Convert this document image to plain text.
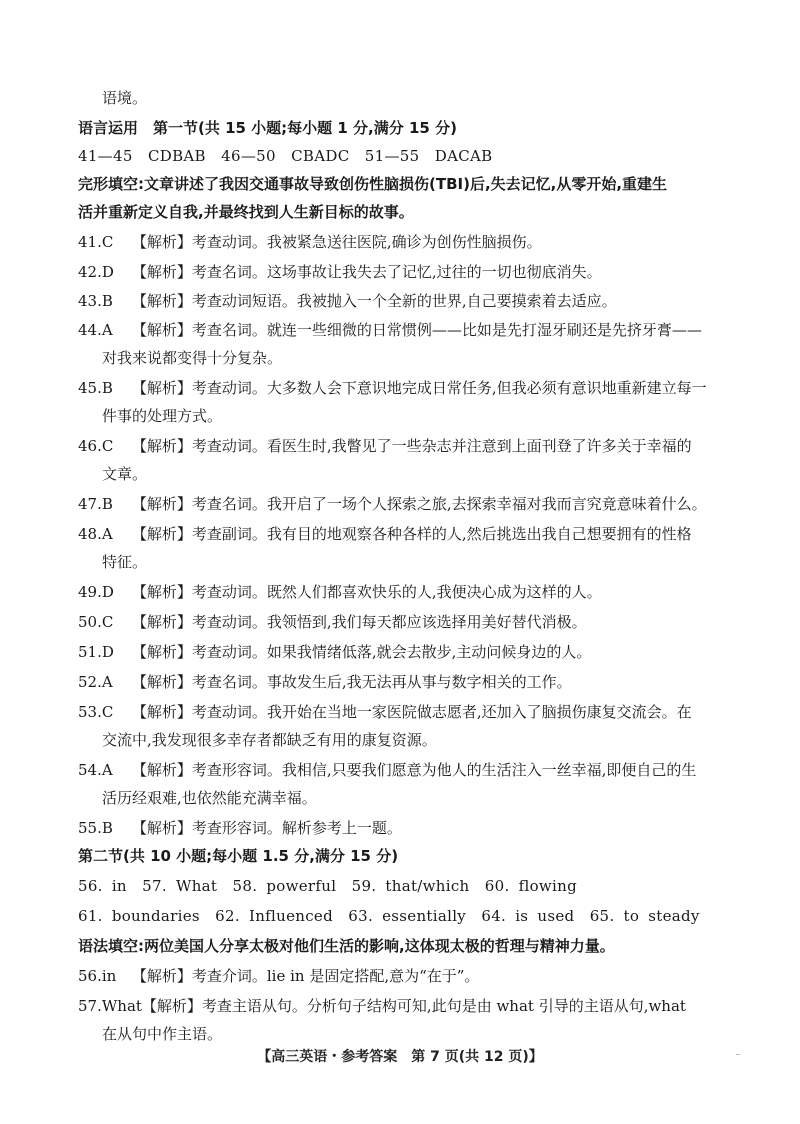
语境。
语言运用　第一节(共 15 小题;每小题 1 分,满分 15 分)
41—45　CDBAB　46—50　CBADC　51—55　DACAB
完形填空:文章讲述了我因交通事故导致创伤性脑损伤(TBI)后,失去记忆,从零开始,重建生
活并重新定义自我,并最终找到人生新目标的故事。
41.C 【解析】考查动词。我被紧急送往医院,确诊为创伤性脑损伤。
42.D 【解析】考查名词。这场事故让我失去了记忆,过往的一切也彻底消失。
43.B 【解析】考查动词短语。我被抛入一个全新的世界,自己要摸索着去适应。
44.A 【解析】考查名词。就连一些细微的日常惯例——比如是先打湿牙刷还是先挤牙膏——
对我来说都变得十分复杂。
45.B 【解析】考查动词。大多数人会下意识地完成日常任务,但我必须有意识地重新建立每一
件事的处理方式。
46.C 【解析】考查动词。看医生时,我瞥见了一些杂志并注意到上面刊登了许多关于幸福的
文章。
47.B 【解析】考查名词。我开启了一场个人探索之旅,去探索幸福对我而言究竟意味着什么。
48.A 【解析】考查副词。我有目的地观察各种各样的人,然后挑选出我自己想要拥有的性格
特征。
49.D 【解析】考查动词。既然人们都喜欢快乐的人,我便决心成为这样的人。
50.C 【解析】考查动词。我领悟到,我们每天都应该选择用美好替代消极。
51.D 【解析】考查动词。如果我情绪低落,就会去散步,主动问候身边的人。
52.A 【解析】考查名词。事故发生后,我无法再从事与数字相关的工作。
53.C 【解析】考查动词。我开始在当地一家医院做志愿者,还加入了脑损伤康复交流会。在
交流中,我发现很多幸存者都缺乏有用的康复资源。
54.A 【解析】考查形容词。我相信,只要我们愿意为他人的生活注入一丝幸福,即便自己的生
活历经艰难,也依然能充满幸福。
55.B 【解析】考查形容词。解析参考上一题。
第二节(共 10 小题;每小题 1.5 分,满分 15 分)
56. in　57. What　58. powerful　59. that/which　60. flowing
61. boundaries　62. Influenced　63. essentially　64. is used　65. to steady
语法填空:两位美国人分享太极对他们生活的影响,这体现太极的哲理与精神力量。
56.in 【解析】考查介词。lie in 是固定搭配,意为“在于”。
57.What【解析】考查主语从句。分析句子结构可知,此句是由 what 引导的主语从句,what
在从句中作主语。
【高三英语・参考答案　第 7 页(共 12 页)】
